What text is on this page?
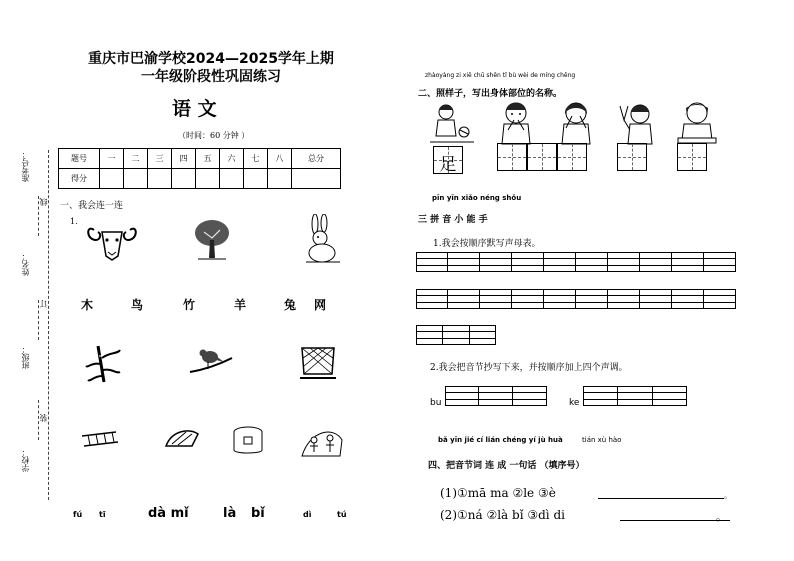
重庆市巴渝学校2024—2025学年上期
一年级阶段性巩固练习
语 文
（时间：60 分钟 ）
准考号：
姓名：
班级：
学校：
线
订
装
题号	一	二	三	四	五	六	七	八	总分
得分									
一、我会连一连
1．
木	鸟	竹	羊	兔 网
fú tī	dà mǐ	là bǐ	dì	tú
zhàoyàng zi xiě chū shēn tǐ bù wèi de míng chēng
二、照样子，写出身体部位的名称。
足
pīn yīn xiǎo néng shǒu
三 拼 音 小 能 手
1.我会按顺序默写声母表。
2.我会把音节抄写下来，并按顺序加上四个声调。
bu	ke
bǎ yīn jié cí lián chéng yí jù huà	tián xù hào
四、把音节词 连 成 一句话 （填序号）
(1)①mā ma ②le ③è	。
(2)①ná ②là bǐ ③dì di	。
